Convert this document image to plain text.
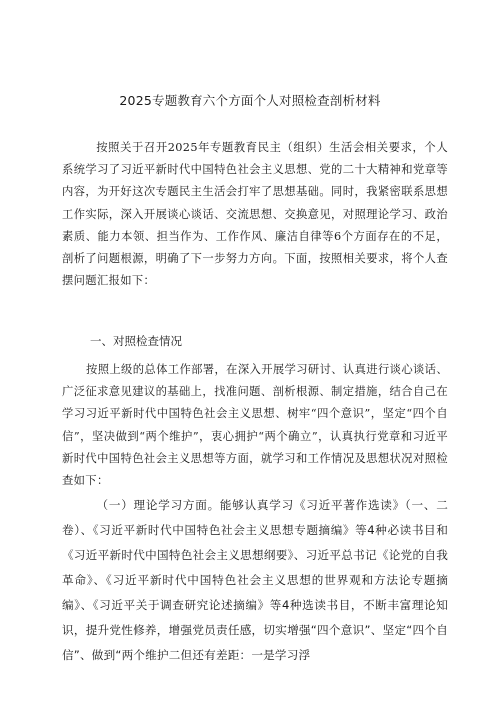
2025专题教育六个方面个人对照检查剖析材料
按照关于召开2025年专题教育民主（组织）生活会相关要求，个人系统学习了习近平新时代中国特色社会主义思想、党的二十大精神和党章等内容，为开好这次专题民主生活会打牢了思想基础。同时，我紧密联系思想工作实际，深入开展谈心谈话、交流思想、交换意见，对照理论学习、政治素质、能力本领、担当作为、工作作风、廉洁自律等6个方面存在的不足，剖析了问题根源，明确了下一步努力方向。下面，按照相关要求，将个人查摆问题汇报如下：
一、对照检查情况
按照上级的总体工作部署，在深入开展学习研讨、认真进行谈心谈话、广泛征求意见建议的基础上，找准问题、剖析根源、制定措施，结合自己在学习习近平新时代中国特色社会主义思想、树牢“四个意识”，坚定“四个自信”，坚决做到“两个维护”，衷心拥护“两个确立”，认真执行党章和习近平新时代中国特色社会主义思想等方面，就学习和工作情况及思想状况对照检查如下：
（一）理论学习方面。能够认真学习《习近平著作选读》（一、二卷）、《习近平新时代中国特色社会主义思想专题摘编》等4种必读书目和《习近平新时代中国特色社会主义思想纲要》、习近平总书记《论党的自我革命》、《习近平新时代中国特色社会主义思想的世界观和方法论专题摘编》、《习近平关于调查研究论述摘编》等4种选读书目，不断丰富理论知识，提升党性修养，增强党员责任感，切实增强“四个意识”、坚定“四个自信”、做到“两个维护二但还有差距：一是学习浮
